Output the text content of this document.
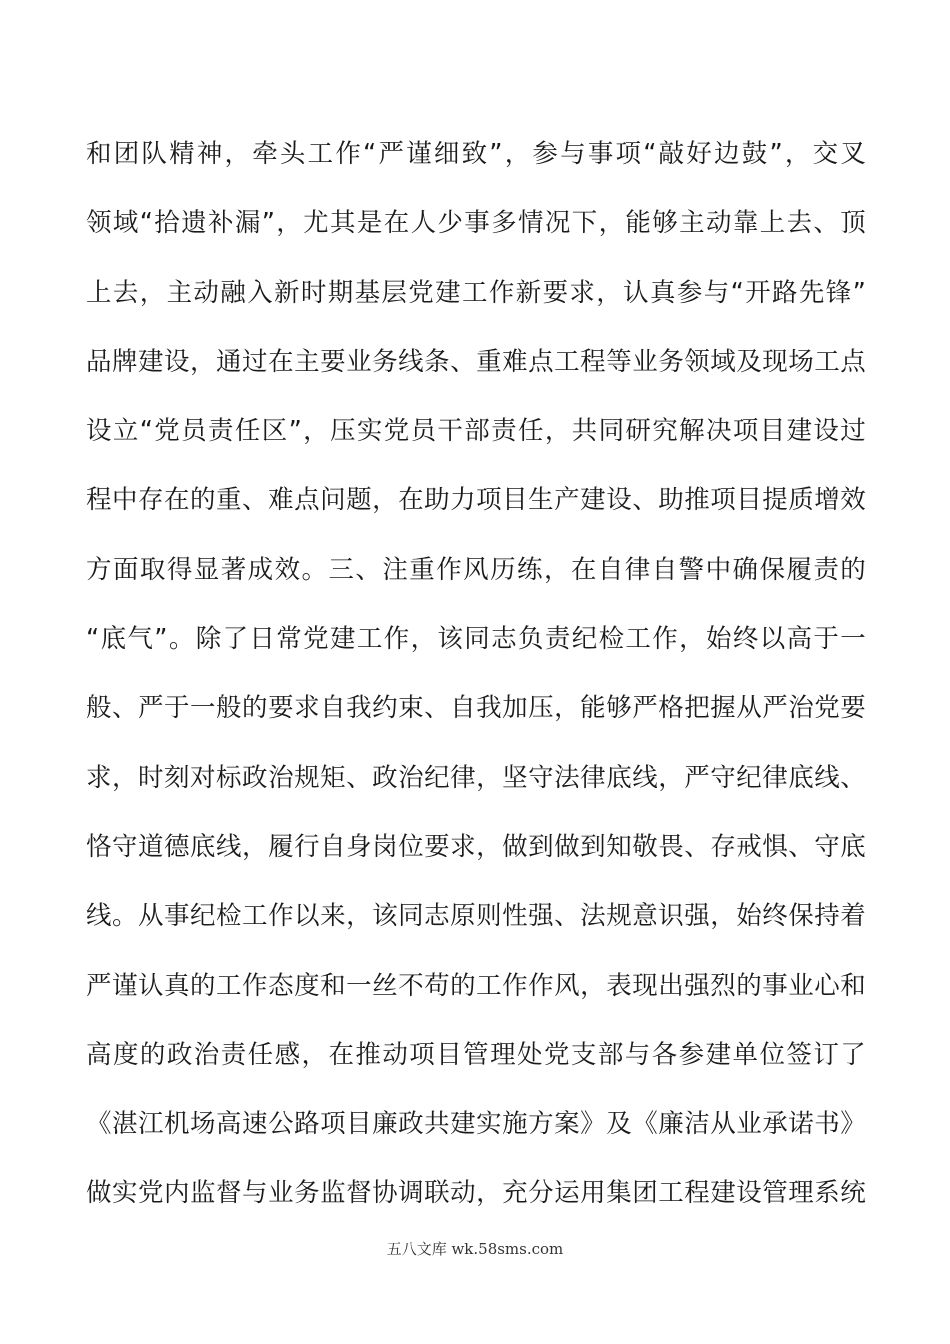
和团队精神，牵头工作“严谨细致”，参与事项“敲好边鼓”，交叉
领域“拾遗补漏”，尤其是在人少事多情况下，能够主动靠上去、顶
上去，主动融入新时期基层党建工作新要求，认真参与“开路先锋”
品牌建设，通过在主要业务线条、重难点工程等业务领域及现场工点
设立“党员责任区”，压实党员干部责任，共同研究解决项目建设过
程中存在的重、难点问题，在助力项目生产建设、助推项目提质增效
方面取得显著成效。三、注重作风历练，在自律自警中确保履责的
“底气”。除了日常党建工作，该同志负责纪检工作，始终以高于一
般、严于一般的要求自我约束、自我加压，能够严格把握从严治党要
求，时刻对标政治规矩、政治纪律，坚守法律底线，严守纪律底线、
恪守道德底线，履行自身岗位要求，做到做到知敬畏、存戒惧、守底
线。从事纪检工作以来，该同志原则性强、法规意识强，始终保持着
严谨认真的工作态度和一丝不苟的工作作风，表现出强烈的事业心和
高度的政治责任感，在推动项目管理处党支部与各参建单位签订了
《湛江机场高速公路项目廉政共建实施方案》及《廉洁从业承诺书》
做实党内监督与业务监督协调联动，充分运用集团工程建设管理系统
五八文库 wk.58sms.com
